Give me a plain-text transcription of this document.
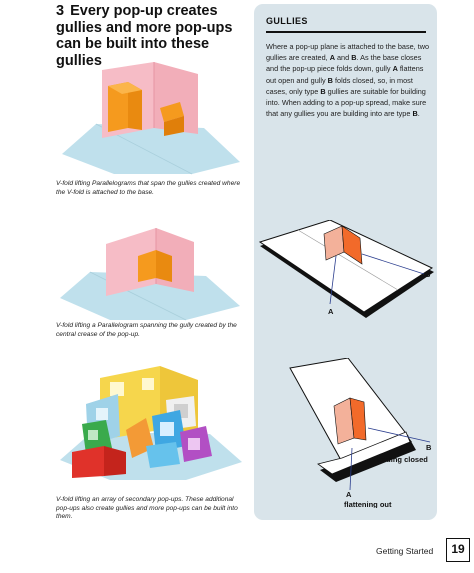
3 Every pop-up creates gullies and more pop-ups can be built into these gullies
V-fold lifting Parallelograms that span the gullies created where the V-fold is attached to the base.
V-fold lifting a Parallelogram spanning the gully created by the central crease of the pop-up.
V-fold lifting an array of secondary pop-ups. These additional pop-ups also create gullies and more pop-ups can be built into them.
GULLIES
Where a pop-up plane is attached to the base, two gullies are created, A and B. As the base closes and the pop-up piece folds down, gully A flattens out open and gully B folds closed, so, in most cases, only type B gullies are suitable for building into. When adding to a pop-up spread, make sure that any gullies you are building into are type B.
B
A
B
folding closed
A
flattening out
Getting Started	19
